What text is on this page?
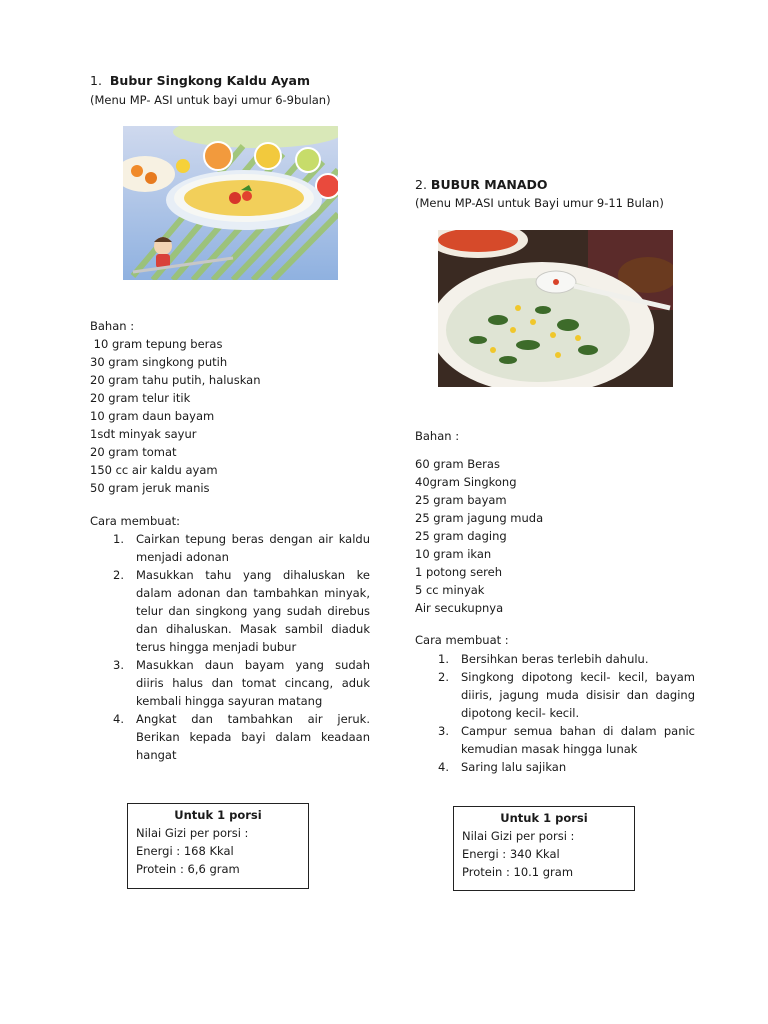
1. Bubur Singkong Kaldu Ayam
(Menu MP- ASI untuk bayi umur 6-9bulan)
Bahan :
10 gram tepung beras
30 gram singkong putih
20 gram tahu putih, haluskan
20 gram telur itik
10 gram daun bayam
1sdt minyak sayur
20 gram tomat
150 cc air kaldu ayam
50 gram jeruk manis
Cara membuat:
1. Cairkan tepung beras dengan air kaldu menjadi adonan
2. Masukkan tahu yang dihaluskan ke dalam adonan dan tambahkan minyak, telur dan singkong yang sudah direbus dan dihaluskan. Masak sambil diaduk terus hingga menjadi bubur
3. Masukkan daun bayam yang sudah diiris halus dan tomat cincang, aduk kembali hingga sayuran matang
4. Angkat dan tambahkan air jeruk. Berikan kepada bayi dalam keadaan hangat
Untuk 1 porsi
Nilai Gizi per porsi :
Energi : 168 Kkal
Protein : 6,6 gram
2. BUBUR MANADO
(Menu MP-ASI untuk Bayi umur 9-11 Bulan)
Bahan :
60 gram Beras
40gram Singkong
25 gram bayam
25 gram jagung muda
25 gram daging
10 gram ikan
1 potong sereh
5 cc minyak
Air secukupnya
Cara membuat :
1. Bersihkan beras terlebih dahulu.
2. Singkong dipotong kecil- kecil, bayam diiris, jagung muda disisir dan daging dipotong kecil- kecil.
3. Campur semua bahan di dalam panic kemudian masak hingga lunak
4. Saring lalu sajikan
Untuk 1 porsi
Nilai Gizi per porsi :
Energi : 340 Kkal
Protein : 10.1 gram
